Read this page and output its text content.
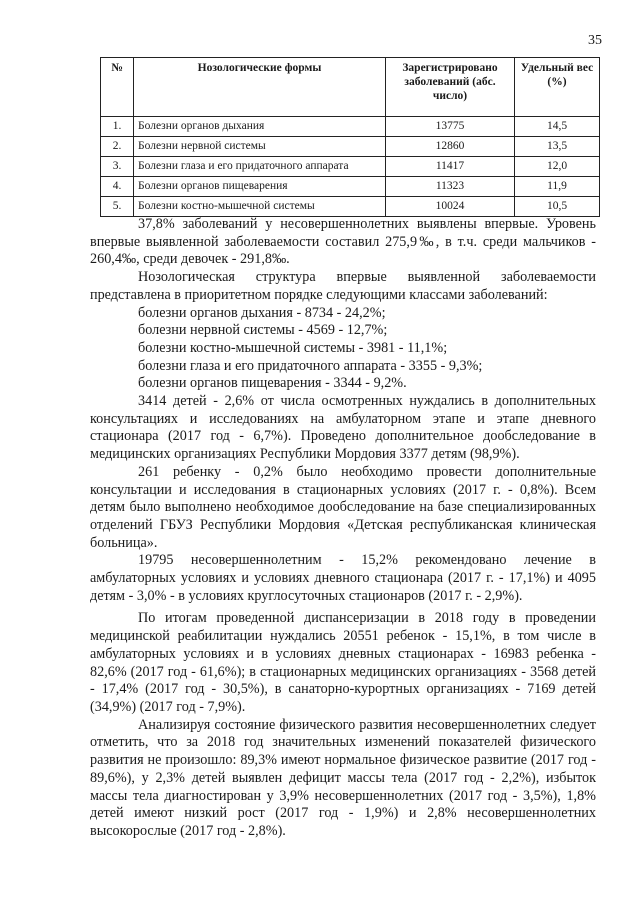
35
№	Нозологические формы	Зарегистрировано заболеваний (абс. число)	Удельный вес (%)
1.	Болезни органов дыхания	13775	14,5
2.	Болезни нервной системы	12860	13,5
3.	Болезни глаза и его придаточного аппарата	11417	12,0
4.	Болезни органов пищеварения	11323	11,9
5.	Болезни костно-мышечной системы	10024	10,5

37,8% заболеваний у несовершеннолетних выявлены впервые. Уровень впервые выявленной заболеваемости составил 275,9‰, в т.ч. среди мальчиков - 260,4‰, среди девочек - 291,8‰.

Нозологическая структура впервые выявленной заболеваемости представлена в приоритетном порядке следующими классами заболеваний:

болезни органов дыхания - 8734 - 24,2%;

болезни нервной системы - 4569 - 12,7%;

болезни костно-мышечной системы - 3981 - 11,1%;

болезни глаза и его придаточного аппарата - 3355 - 9,3%;

болезни органов пищеварения - 3344 - 9,2%.

3414 детей - 2,6% от числа осмотренных нуждались в дополнительных консультациях и исследованиях на амбулаторном этапе и этапе дневного стационара (2017 год - 6,7%). Проведено дополнительное дообследование в медицинских организациях Республики Мордовия 3377 детям (98,9%).

261 ребенку - 0,2% было необходимо провести дополнительные консультации и исследования в стационарных условиях (2017 г. - 0,8%). Всем детям было выполнено необходимое дообследование на базе специализированных отделений ГБУЗ Республики Мордовия «Детская республиканская клиническая больница».

19795 несовершеннолетним - 15,2% рекомендовано лечение в амбулаторных условиях и условиях дневного стационара (2017 г. - 17,1%) и 4095 детям - 3,0% - в условиях круглосуточных стационаров (2017 г. - 2,9%).

По итогам проведенной диспансеризации в 2018 году в проведении медицинской реабилитации нуждались 20551 ребенок - 15,1%, в том числе в амбулаторных условиях и в условиях дневных стационарах - 16983 ребенка - 82,6% (2017 год - 61,6%); в стационарных медицинских организациях - 3568 детей - 17,4% (2017 год - 30,5%), в санаторно-курортных организациях - 7169 детей (34,9%) (2017 год - 7,9%).

Анализируя состояние физического развития несовершеннолетних следует отметить, что за 2018 год значительных изменений показателей физического развития не произошло: 89,3% имеют нормальное физическое развитие (2017 год - 89,6%), у 2,3% детей выявлен дефицит массы тела (2017 год - 2,2%), избыток массы тела диагностирован у 3,9% несовершеннолетних (2017 год - 3,5%), 1,8% детей имеют низкий рост (2017 год - 1,9%) и 2,8% несовершеннолетних высокорослые (2017 год - 2,8%).
